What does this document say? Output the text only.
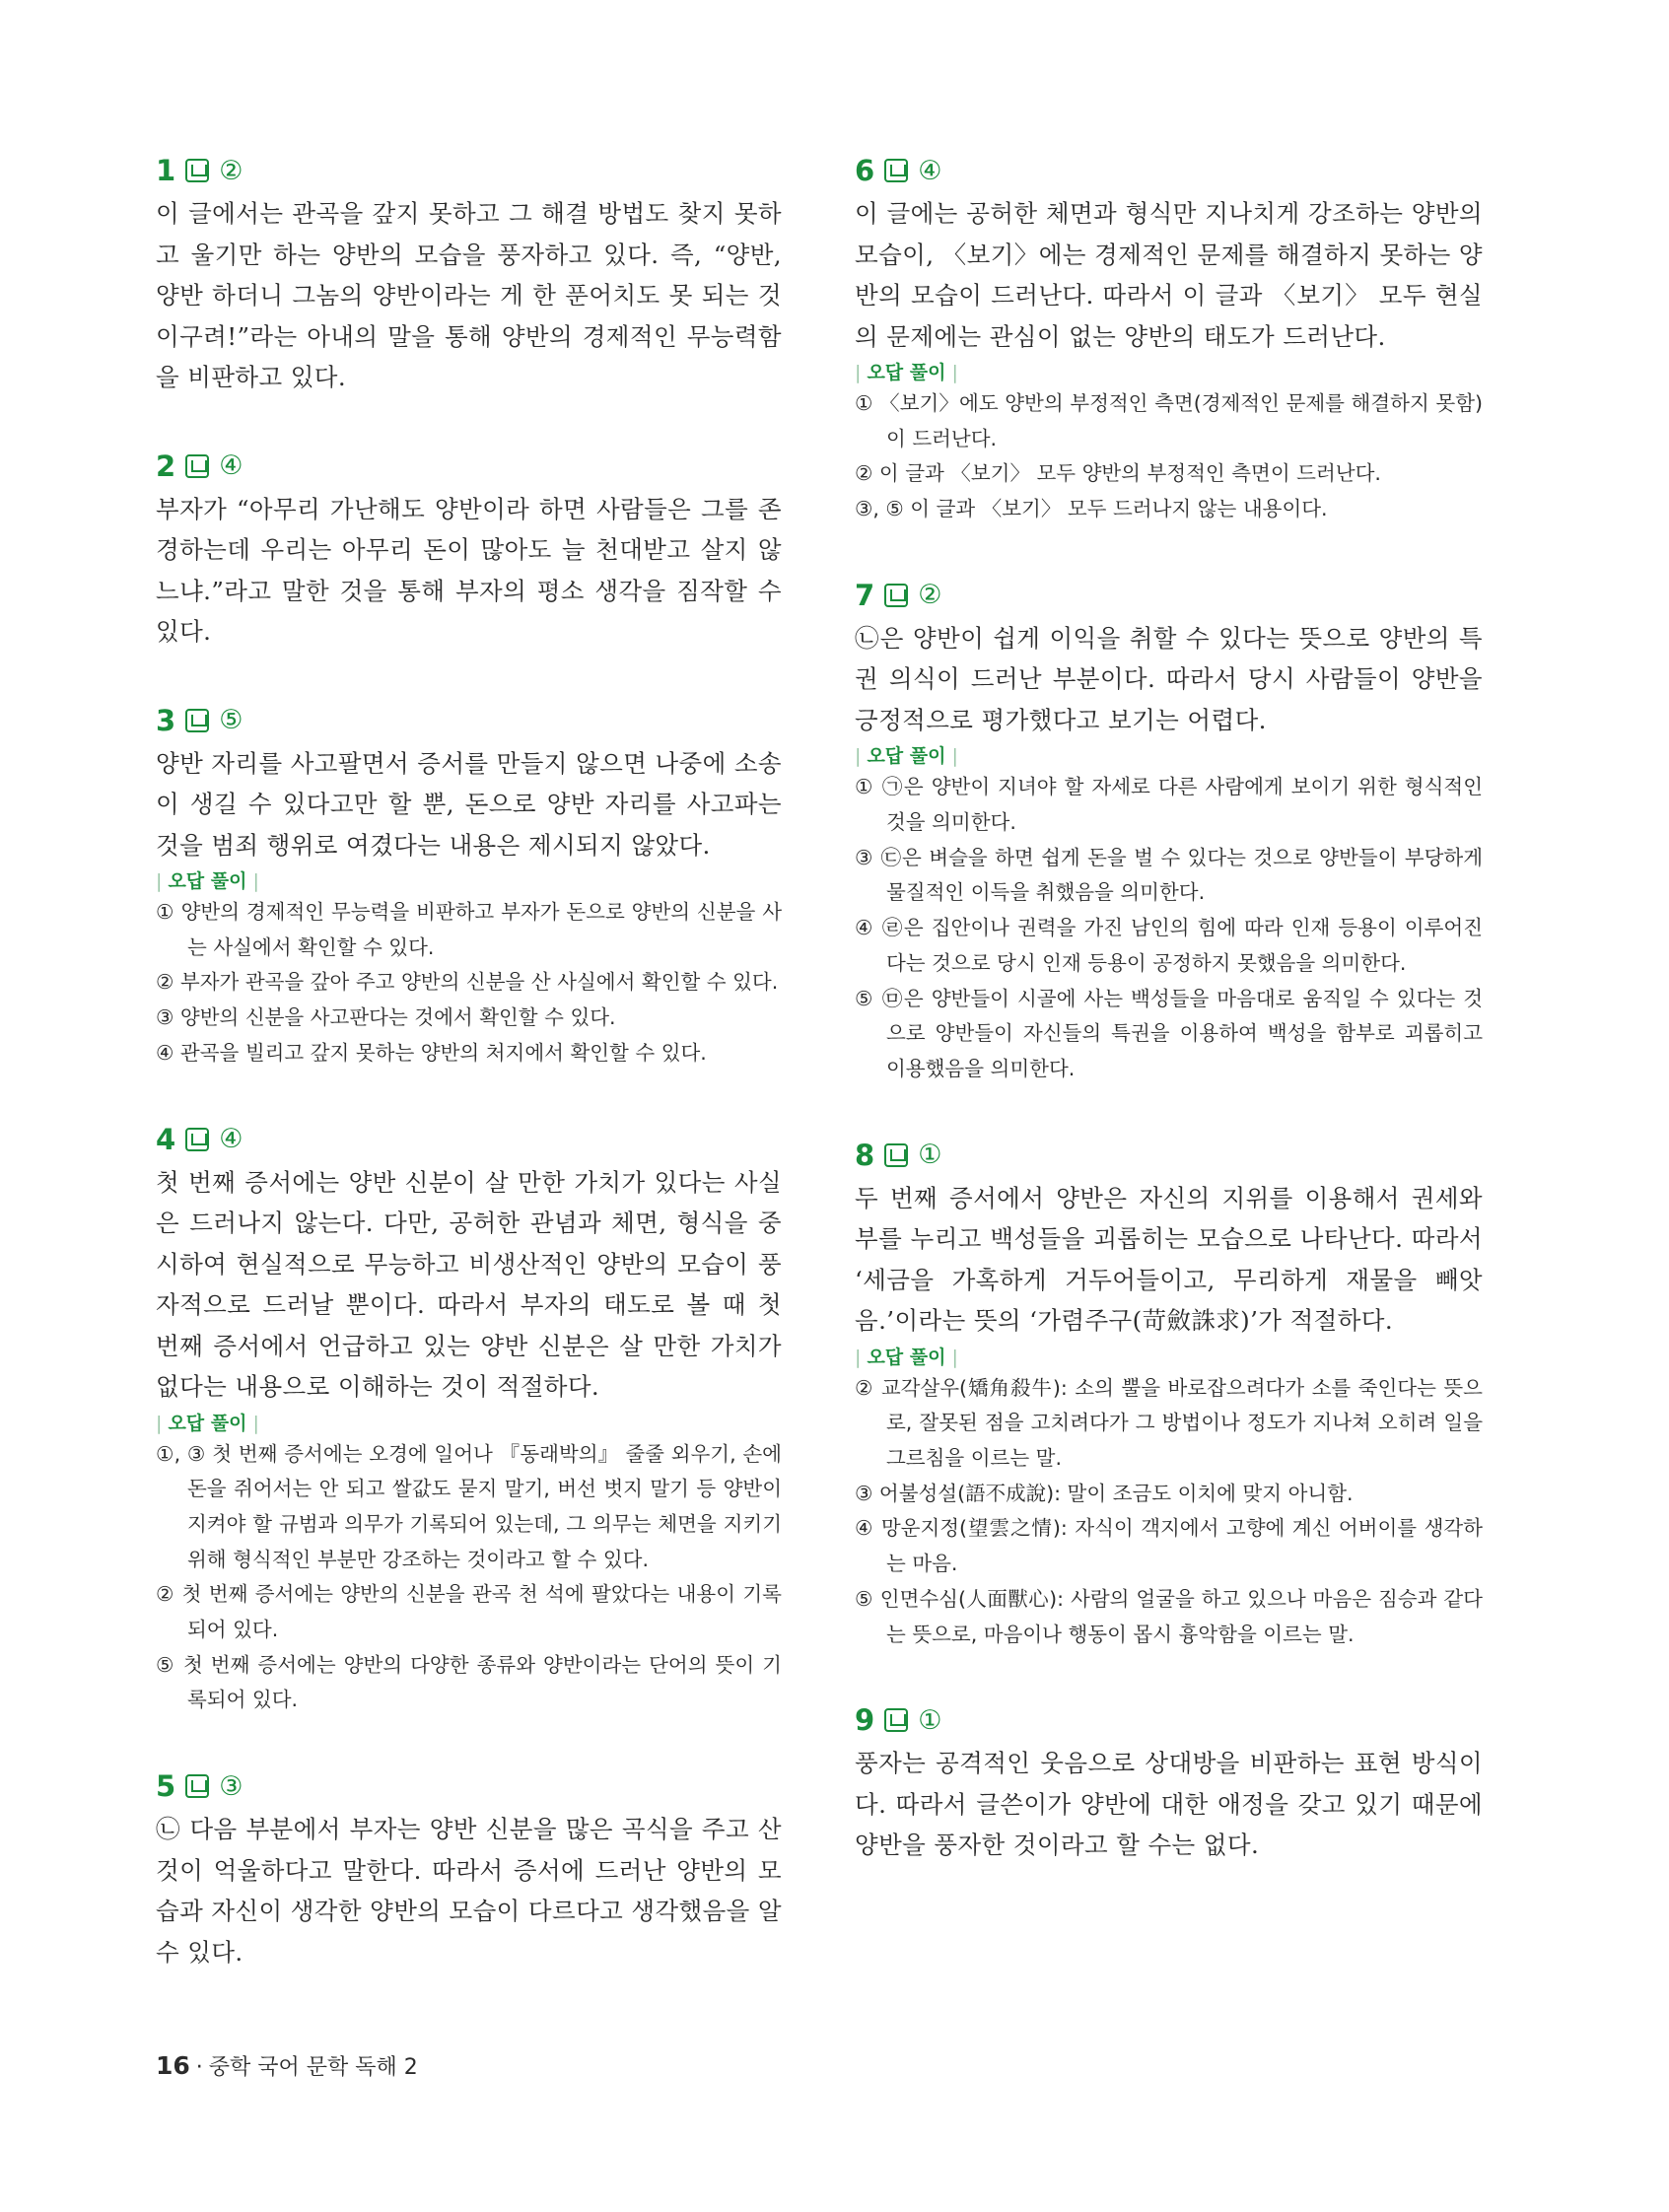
1 ②

이 글에서는 관곡을 갚지 못하고 그 해결 방법도 찾지 못하고 울기만 하는 양반의 모습을 풍자하고 있다. 즉, “양반, 양반 하더니 그놈의 양반이라는 게 한 푼어치도 못 되는 것이구려!”라는 아내의 말을 통해 양반의 경제적인 무능력함을 비판하고 있다.

2 ④

부자가 “아무리 가난해도 양반이라 하면 사람들은 그를 존경하는데 우리는 아무리 돈이 많아도 늘 천대받고 살지 않느냐.”라고 말한 것을 통해 부자의 평소 생각을 짐작할 수 있다.

3 ⑤

양반 자리를 사고팔면서 증서를 만들지 않으면 나중에 소송이 생길 수 있다고만 할 뿐, 돈으로 양반 자리를 사고파는 것을 범죄 행위로 여겼다는 내용은 제시되지 않았다.

| 오답 풀이 |
① 양반의 경제적인 무능력을 비판하고 부자가 돈으로 양반의 신분을 사는 사실에서 확인할 수 있다.
② 부자가 관곡을 갚아 주고 양반의 신분을 산 사실에서 확인할 수 있다.
③ 양반의 신분을 사고판다는 것에서 확인할 수 있다.
④ 관곡을 빌리고 갚지 못하는 양반의 처지에서 확인할 수 있다.
4 ④

첫 번째 증서에는 양반 신분이 살 만한 가치가 있다는 사실은 드러나지 않는다. 다만, 공허한 관념과 체면, 형식을 중시하여 현실적으로 무능하고 비생산적인 양반의 모습이 풍자적으로 드러날 뿐이다. 따라서 부자의 태도로 볼 때 첫 번째 증서에서 언급하고 있는 양반 신분은 살 만한 가치가 없다는 내용으로 이해하는 것이 적절하다.

| 오답 풀이 |
①, ③ 첫 번째 증서에는 오경에 일어나 『동래박의』 줄줄 외우기, 손에 돈을 쥐어서는 안 되고 쌀값도 묻지 말기, 버선 벗지 말기 등 양반이 지켜야 할 규범과 의무가 기록되어 있는데, 그 의무는 체면을 지키기 위해 형식적인 부분만 강조하는 것이라고 할 수 있다.
② 첫 번째 증서에는 양반의 신분을 관곡 천 석에 팔았다는 내용이 기록되어 있다.
⑤ 첫 번째 증서에는 양반의 다양한 종류와 양반이라는 단어의 뜻이 기록되어 있다.
5 ③

㉡ 다음 부분에서 부자는 양반 신분을 많은 곡식을 주고 산 것이 억울하다고 말한다. 따라서 증서에 드러난 양반의 모습과 자신이 생각한 양반의 모습이 다르다고 생각했음을 알 수 있다.

6 ④

이 글에는 공허한 체면과 형식만 지나치게 강조하는 양반의 모습이, 〈보기〉에는 경제적인 문제를 해결하지 못하는 양반의 모습이 드러난다. 따라서 이 글과 〈보기〉 모두 현실의 문제에는 관심이 없는 양반의 태도가 드러난다.

| 오답 풀이 |
① 〈보기〉에도 양반의 부정적인 측면(경제적인 문제를 해결하지 못함)이 드러난다.
② 이 글과 〈보기〉 모두 양반의 부정적인 측면이 드러난다.
③, ⑤ 이 글과 〈보기〉 모두 드러나지 않는 내용이다.
7 ②

㉡은 양반이 쉽게 이익을 취할 수 있다는 뜻으로 양반의 특권 의식이 드러난 부분이다. 따라서 당시 사람들이 양반을 긍정적으로 평가했다고 보기는 어렵다.

| 오답 풀이 |
① ㉠은 양반이 지녀야 할 자세로 다른 사람에게 보이기 위한 형식적인 것을 의미한다.
③ ㉢은 벼슬을 하면 쉽게 돈을 벌 수 있다는 것으로 양반들이 부당하게 물질적인 이득을 취했음을 의미한다.
④ ㉣은 집안이나 권력을 가진 남인의 힘에 따라 인재 등용이 이루어진다는 것으로 당시 인재 등용이 공정하지 못했음을 의미한다.
⑤ ㉤은 양반들이 시골에 사는 백성들을 마음대로 움직일 수 있다는 것으로 양반들이 자신들의 특권을 이용하여 백성을 함부로 괴롭히고 이용했음을 의미한다.
8 ①

두 번째 증서에서 양반은 자신의 지위를 이용해서 권세와 부를 누리고 백성들을 괴롭히는 모습으로 나타난다. 따라서 ‘세금을 가혹하게 거두어들이고, 무리하게 재물을 빼앗음.’이라는 뜻의 ‘가렴주구(苛斂誅求)’가 적절하다.

| 오답 풀이 |
② 교각살우(矯角殺牛): 소의 뿔을 바로잡으려다가 소를 죽인다는 뜻으로, 잘못된 점을 고치려다가 그 방법이나 정도가 지나쳐 오히려 일을 그르침을 이르는 말.
③ 어불성설(語不成說): 말이 조금도 이치에 맞지 아니함.
④ 망운지정(望雲之情): 자식이 객지에서 고향에 계신 어버이를 생각하는 마음.
⑤ 인면수심(人面獸心): 사람의 얼굴을 하고 있으나 마음은 짐승과 같다는 뜻으로, 마음이나 행동이 몹시 흉악함을 이르는 말.
9 ①

풍자는 공격적인 웃음으로 상대방을 비판하는 표현 방식이다. 따라서 글쓴이가 양반에 대한 애정을 갖고 있기 때문에 양반을 풍자한 것이라고 할 수는 없다.

16 · 중학 국어 문학 독해 2
